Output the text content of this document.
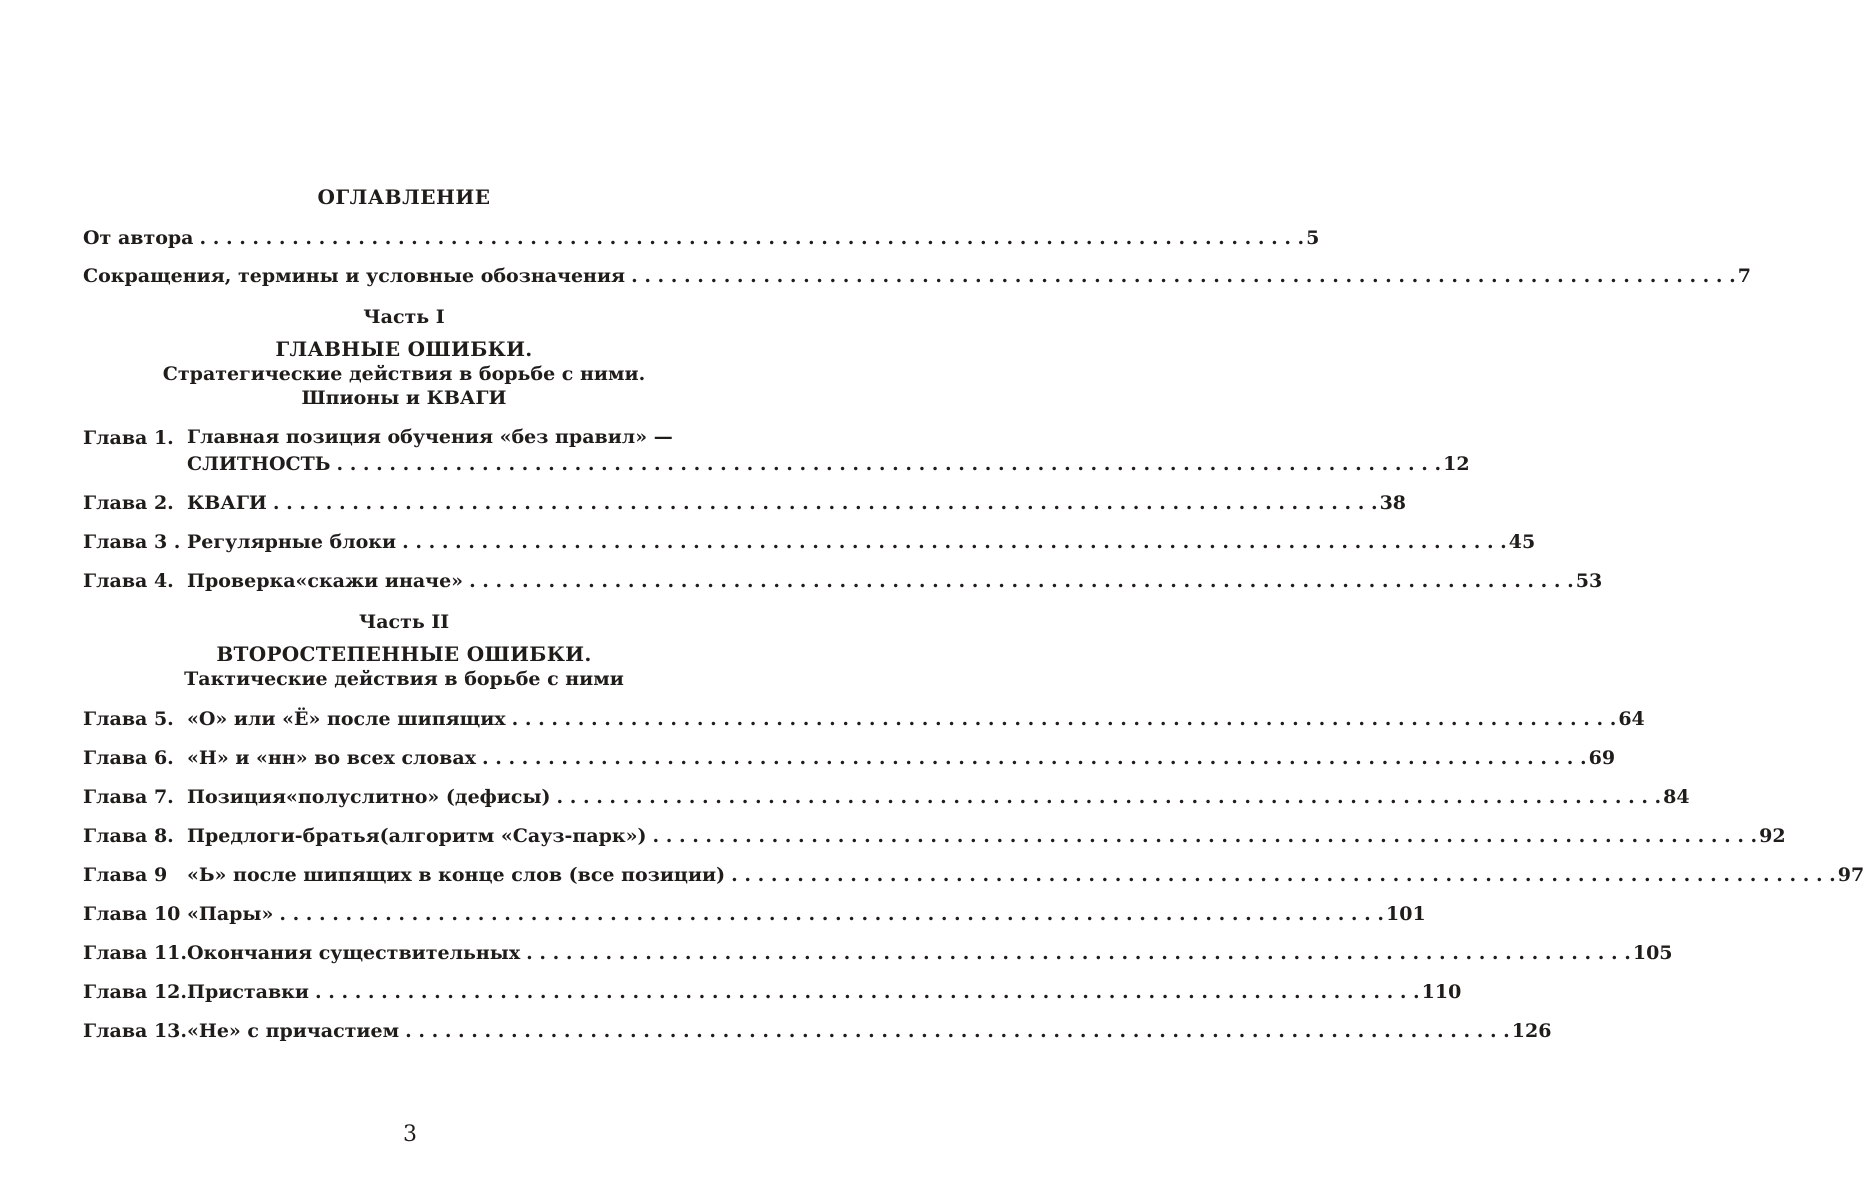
ОГЛАВЛЕНИЕ
От автора . . .	5
Сокращения, термины и условные обозначения . . .	7
Часть I
ГЛАВНЫЕ ОШИБКИ.
Стратегические действия в борьбе с ними.
Шпионы и КВАГИ
Глава 1. Главная позиция обучения «без правил» —
СЛИТНОСТЬ . . .	12
Глава 2. КВАГИ . . .	38
Глава 3 . Регулярные блоки . . .	45
Глава 4. Проверка«скажи иначе» . . .	53
Часть II
ВТОРОСТЕПЕННЫЕ ОШИБКИ.
Тактические действия в борьбе с ними
Глава 5. «О» или «Ё» после шипящих . . .	64
Глава 6. «Н» и «нн» во всех словах . . .	69
Глава 7. Позиция«полуслитно» (дефисы) . . .	84
Глава 8. Предлоги-братья(алгоритм «Сауз-парк») . . .	92
Глава 9	«Ь» после шипящих в конце слов (все позиции) . . .	97
Глава 10 «Пары» . . .	101
Глава 11. Окончания существительных . . .	105
Глава 12. Приставки . . .	110
Глава 13. «Не» с причастием . . .	126
3
